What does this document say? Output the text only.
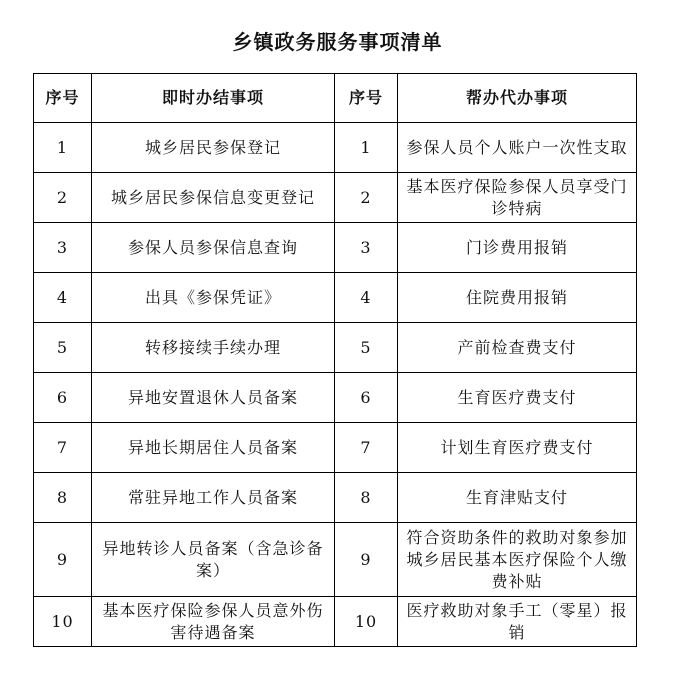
乡镇政务服务事项清单
序号	即时办结事项	序号	帮办代办事项
1	城乡居民参保登记	1	参保人员个人账户一次性支取
2	城乡居民参保信息变更登记	2	基本医疗保险参保人员享受门诊特病
3	参保人员参保信息查询	3	门诊费用报销
4	出具《参保凭证》	4	住院费用报销
5	转移接续手续办理	5	产前检查费支付
6	异地安置退休人员备案	6	生育医疗费支付
7	异地长期居住人员备案	7	计划生育医疗费支付
8	常驻异地工作人员备案	8	生育津贴支付
9	异地转诊人员备案（含急诊备案）	9	符合资助条件的救助对象参加城乡居民基本医疗保险个人缴费补贴
10	基本医疗保险参保人员意外伤害待遇备案	10	医疗救助对象手工（零星）报销
